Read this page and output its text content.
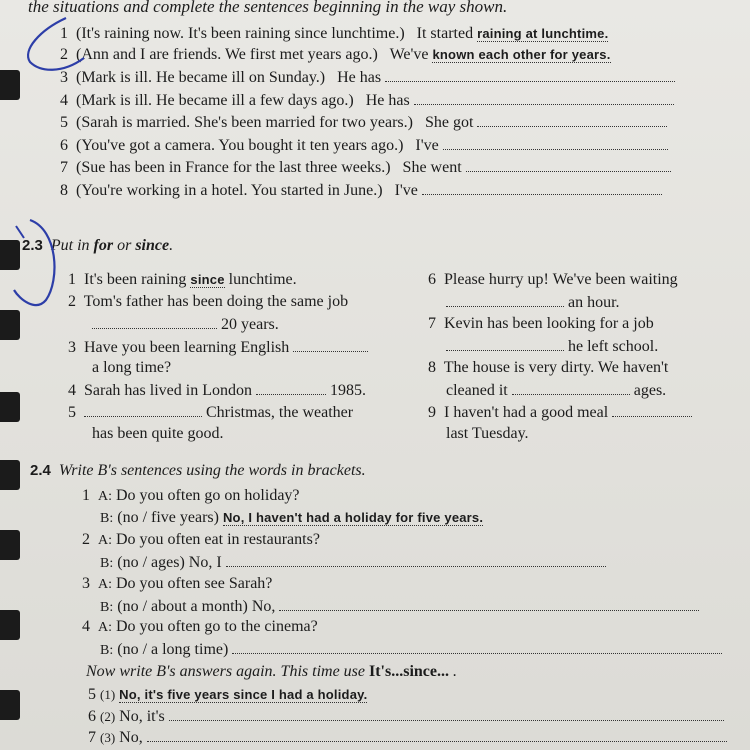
the situations and complete the sentences beginning in the way shown.
1 (It's raining now. It's been raining since lunchtime.) It started raining at lunchtime.
2 (Ann and I are friends. We first met years ago.) We've known each other for years.
3 (Mark is ill. He became ill on Sunday.) He has
4 (Mark is ill. He became ill a few days ago.) He has
5 (Sarah is married. She's been married for two years.) She got
6 (You've got a camera. You bought it ten years ago.) I've
7 (Sue has been in France for the last three weeks.) She went
8 (You're working in a hotel. You started in June.) I've
2.3 Put in for or since.
1 It's been raining since lunchtime.
2 Tom's father has been doing the same job
20 years.
3 Have you been learning English
a long time?
4 Sarah has lived in London	1985.
5	Christmas, the weather
has been quite good.
6 Please hurry up! We've been waiting
an hour.
7 Kevin has been looking for a job
he left school.
8 The house is very dirty. We haven't
cleaned it	ages.
9 I haven't had a good meal
last Tuesday.
2.4 Write B's sentences using the words in brackets.
1 A: Do you often go on holiday?
B: (no / five years) No, I haven't had a holiday for five years.
2 A: Do you often eat in restaurants?
B: (no / ages) No, I
3 A: Do you often see Sarah?
B: (no / about a month) No,
4 A: Do you often go to the cinema?
B: (no / a long time)
Now write B's answers again. This time use It's...since... .
5 (1) No, it's five years since I had a holiday.
6 (2) No, it's
7 (3) No,
